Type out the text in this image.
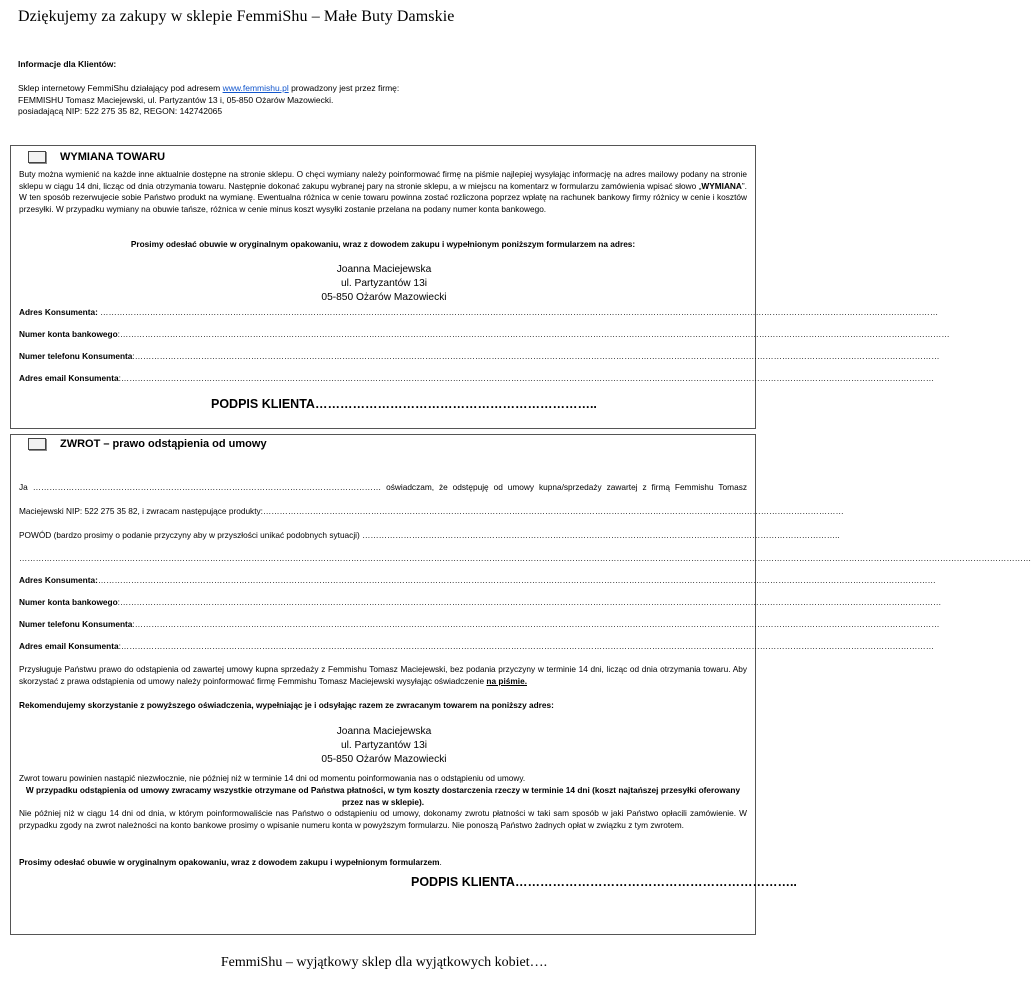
Dziękujemy za zakupy w sklepie FemmiShu – Małe Buty Damskie
Informacje dla Klientów:
Sklep internetowy FemmiShu działający pod adresem www.femmishu.pl prowadzony jest przez firmę:
FEMMISHU Tomasz Maciejewski, ul. Partyzantów 13 i, 05-850 Ożarów Mazowiecki.
posiadającą NIP: 522 275 35 82, REGON: 142742065
WYMIANA TOWARU
Buty można wymienić na każde inne aktualnie dostępne na stronie sklepu. O chęci wymiany należy poinformować firmę na piśmie najlepiej wysyłając informację na adres mailowy podany na stronie sklepu w ciągu 14 dni, licząc od dnia otrzymania towaru. Następnie dokonać zakupu wybranej pary na stronie sklepu, a w miejscu na komentarz w formularzu zamówienia wpisać słowo „WYMIANA”. W ten sposób rezerwujecie sobie Państwo produkt na wymianę. Ewentualna różnica w cenie towaru powinna zostać rozliczona poprzez wpłatę na rachunek bankowy firmy różnicy w cenie i kosztów przesyłki. W przypadku wymiany na obuwie tańsze, różnica w cenie minus koszt wysyłki zostanie przelana na podany numer konta bankowego.
Prosimy odesłać obuwie w oryginalnym opakowaniu, wraz z dowodem zakupu i wypełnionym poniższym formularzem na adres:
Joanna Maciejewska
ul. Partyzantów 13i
05-850 Ożarów Mazowiecki
Adres Konsumenta: ……………………………………………………………………………………………………………………………………………………………………………………………………………………………………………………………………………
Numer konta bankowego:…………………………………………………………………………………………………………………………………………………………………………………………………………………………………………………………………………
Numer telefonu Konsumenta:…………………………………………………………………………………………………………………………………………………………………………………………………………………………………………………………………
Adres email Konsumenta:……………………………………………………………………………………………………………………………………………………………………………………………………………………………………………………………………
PODPIS KLIENTA…………………………………………………………..
ZWROT – prawo odstąpienia od umowy
Ja ……………………………………………………………………………………………………………… oświadczam, że odstępuję od umowy kupna/sprzedaży zawartej z firmą Femmishu Tomasz
Maciejewski NIP: 522 275 35 82, i zwracam następujące produkty:…………………………………………………………………………………………………………………………………………………………………………………………
POWÓD (bardzo prosimy o podanie przyczyny aby w przyszłości unikać podobnych sytuacji) ………………………………………………………………………………………………………………………………………………………..
……………………………………………………………………………………………………………………………………………………………………………………………………………………………………………………………………………………………………………………………………
Adres Konsumenta:……………………………………………………………………………………………………………………………………………………………………………………………………………………………………………………………………………
Numer konta bankowego:………………………………………………………………………………………………………………………………………………………………………………………………………………………………………………………………………
Numer telefonu Konsumenta:…………………………………………………………………………………………………………………………………………………………………………………………………………………………………………………………………
Adres email Konsumenta:……………………………………………………………………………………………………………………………………………………………………………………………………………………………………………………………………
Przysługuje Państwu prawo do odstąpienia od zawartej umowy kupna sprzedaży z Femmishu Tomasz Maciejewski, bez podania przyczyny w terminie 14 dni, licząc od dnia otrzymania towaru. Aby skorzystać z prawa odstąpienia od umowy należy poinformować firmę Femmishu Tomasz Maciejewski wysyłając oświadczenie na piśmie.
Rekomendujemy skorzystanie z powyższego oświadczenia, wypełniając je i odsyłając razem ze zwracanym towarem na poniższy adres:
Joanna Maciejewska
ul. Partyzantów 13i
05-850 Ożarów Mazowiecki
Zwrot towaru powinien nastąpić niezwłocznie, nie później niż w terminie 14 dni od momentu poinformowania nas o odstąpieniu od umowy.
W przypadku odstąpienia od umowy zwracamy wszystkie otrzymane od Państwa płatności, w tym koszty dostarczenia rzeczy w terminie 14 dni (koszt najtańszej przesyłki oferowany przez nas w sklepie).
Nie później niż w ciągu 14 dni od dnia, w którym poinformowaliście nas Państwo o odstąpieniu od umowy, dokonamy zwrotu płatności w taki sam sposób w jaki Państwo opłacili zamówienie. W przypadku zgody na zwrot należności na konto bankowe prosimy o wpisanie numeru konta w powyższym formularzu. Nie ponoszą Państwo żadnych opłat w związku z tym zwrotem.
Prosimy odesłać obuwie w oryginalnym opakowaniu, wraz z dowodem zakupu i wypełnionym formularzem.
PODPIS KLIENTA…………………………………………………………..
FemmiShu – wyjątkowy sklep dla wyjątkowych kobiet….
